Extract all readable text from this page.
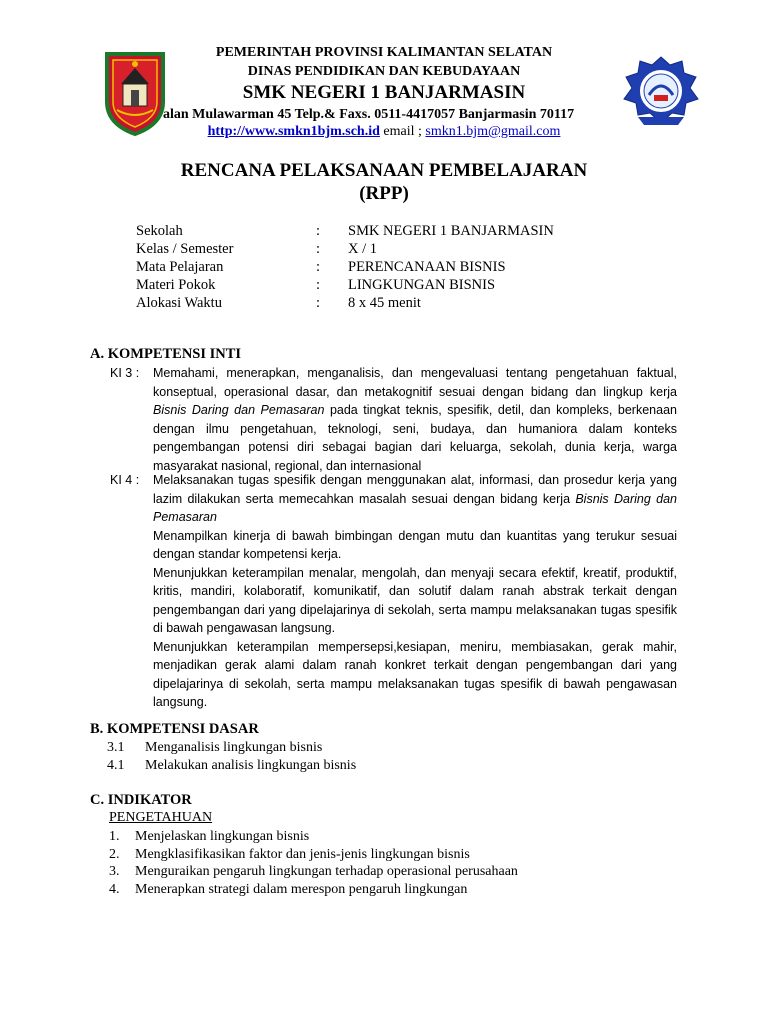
PEMERINTAH PROVINSI KALIMANTAN SELATAN
DINAS PENDIDIKAN DAN KEBUDAYAAN
SMK NEGERI 1 BANJARMASIN
alan Mulawarman 45 Telp.& Faxs. 0511-4417057 Banjarmasin 70117
http://www.smkn1bjm.sch.id email ; smkn1.bjm@gmail.com
RENCANA PELAKSANAAN PEMBELAJARAN
(RPP)
Sekolah	:	SMK NEGERI 1 BANJARMASIN
Kelas / Semester	:	X / 1
Mata Pelajaran	:	PERENCANAAN BISNIS
Materi Pokok	:	LINGKUNGAN BISNIS
Alokasi Waktu	:	8 x 45 menit
A. KOMPETENSI INTI
KI 3 : Memahami, menerapkan, menganalisis, dan mengevaluasi tentang pengetahuan faktual, konseptual, operasional dasar, dan metakognitif sesuai dengan bidang dan lingkup kerja Bisnis Daring dan Pemasaran pada tingkat teknis, spesifik, detil, dan kompleks, berkenaan dengan ilmu pengetahuan, teknologi, seni, budaya, dan humaniora dalam konteks pengembangan potensi diri sebagai bagian dari keluarga, sekolah, dunia kerja, warga masyarakat nasional, regional, dan internasional

KI 4 : Melaksanakan tugas spesifik dengan menggunakan alat, informasi, dan prosedur kerja yang lazim dilakukan serta memecahkan masalah sesuai dengan bidang kerja Bisnis Daring dan Pemasaran

Menampilkan kinerja di bawah bimbingan dengan mutu dan kuantitas yang terukur sesuai dengan standar kompetensi kerja.

Menunjukkan keterampilan menalar, mengolah, dan menyaji secara efektif, kreatif, produktif, kritis, mandiri, kolaboratif, komunikatif, dan solutif dalam ranah abstrak terkait dengan pengembangan dari yang dipelajarinya di sekolah, serta mampu melaksanakan tugas spesifik di bawah pengawasan langsung.

Menunjukkan keterampilan mempersepsi,kesiapan, meniru, membiasakan, gerak mahir, menjadikan gerak alami dalam ranah konkret terkait dengan pengembangan dari yang dipelajarinya di sekolah, serta mampu melaksanakan tugas spesifik di bawah pengawasan langsung.

B. KOMPETENSI DASAR
3.1	Menganalisis lingkungan bisnis
4.1	Melakukan analisis lingkungan bisnis
C. INDIKATOR
PENGETAHUAN
1.	Menjelaskan lingkungan bisnis
2.	Mengklasifikasikan faktor dan jenis-jenis lingkungan bisnis
3.	Menguraikan pengaruh lingkungan terhadap operasional perusahaan
4.	Menerapkan strategi dalam merespon pengaruh lingkungan
